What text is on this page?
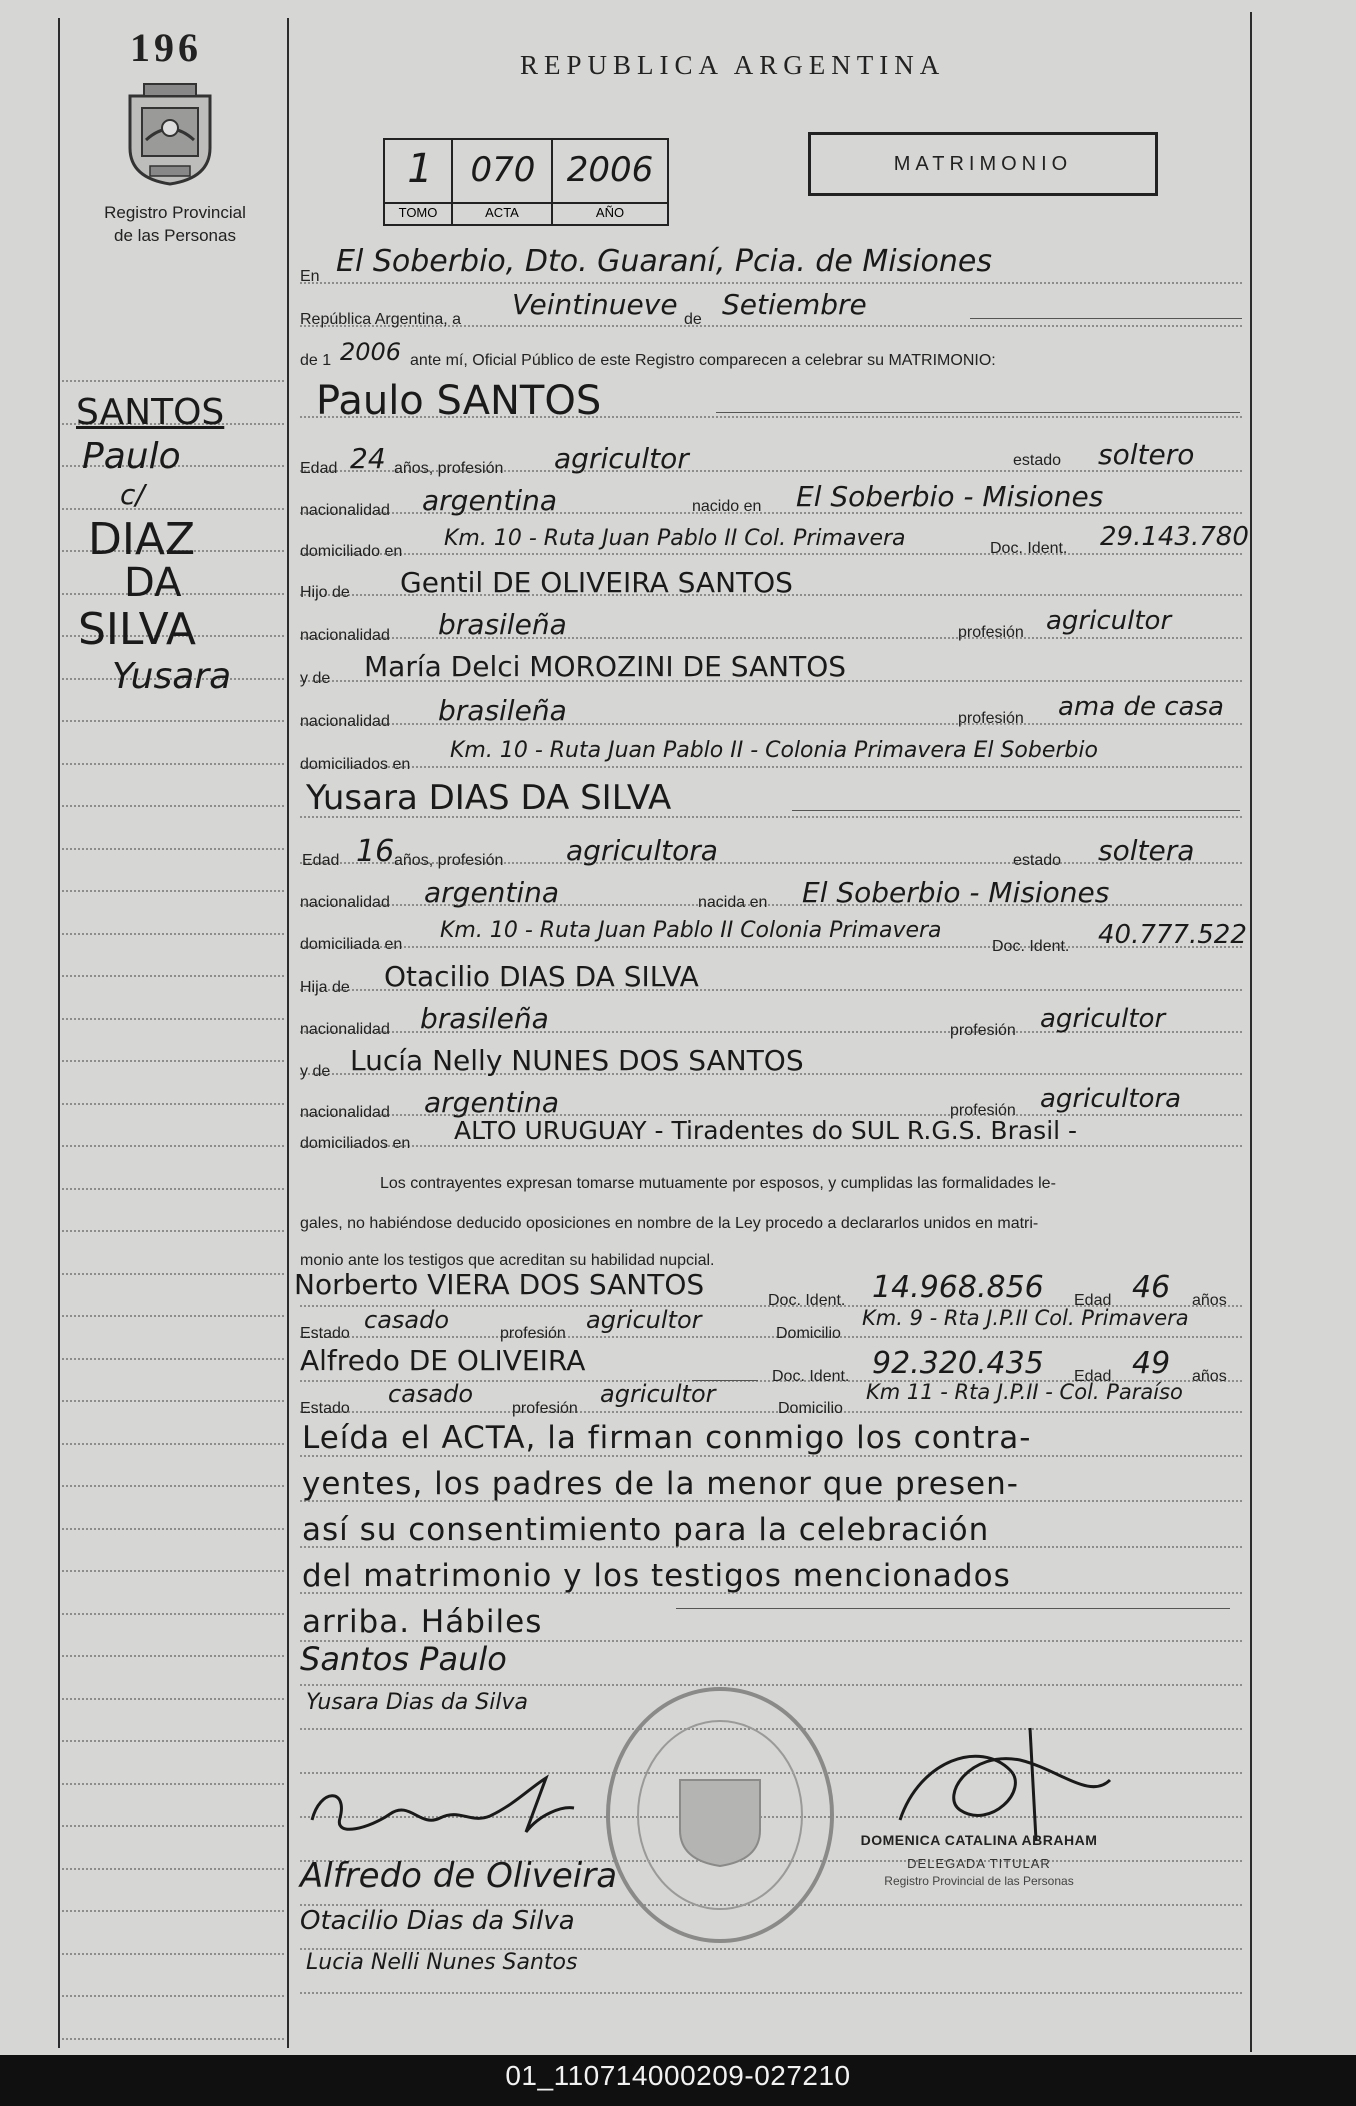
196
Registro Provincial
de las Personas
REPUBLICA ARGENTINA
1	070 2006
TOMO	ACTA	AÑO
MATRIMONIO
SANTOS
Paulo
c/
DIAZ
DA
SILVA
Yusara
En El Soberbio, Dto. Guaraní, Pcia. de Misiones
República Argentina, a Veintinueve de Setiembre
de 1 2006 ante mí, Oficial Público de este Registro comparecen a celebrar su MATRIMONIO:
Paulo SANTOS
Edad 24 años, profesión agricultor	estado soltero
nacionalidad argentina	nacido en El Soberbio - Misiones
domiciliado en
Km. 10 - Ruta Juan Pablo II Col. Primavera	Doc. Ident. 29.143.780
Hijo de Gentil DE OLIVEIRA SANTOS
nacionalidad brasileña	profesión agricultor
y de María Delci MOROZINI DE SANTOS
nacionalidad brasileña	profesión ama de casa
domiciliados en
Km. 10 - Ruta Juan Pablo II - Colonia Primavera El Soberbio
Yusara DIAS DA SILVA
Edad 16 años, profesión agricultora	estado soltera
nacionalidad argentina	nacida en El Soberbio - Misiones
domiciliada en
Km. 10 - Ruta Juan Pablo II Colonia Primavera
Doc. Ident. 40.777.522
Hija de Otacilio DIAS DA SILVA
nacionalidad brasileña	profesión agricultor
y de Lucía Nelly NUNES DOS SANTOS
nacionalidad argentina	profesión agricultora
domiciliados en ALTO URUGUAY - Tiradentes do SUL R.G.S. Brasil -
Los contrayentes expresan tomarse mutuamente por esposos, y cumplidas las formalidades le-
gales, no habiéndose deducido oposiciones en nombre de la Ley procedo a declararlos unidos en matri-
monio ante los testigos que acreditan su habilidad nupcial.
Norberto VIERA DOS SANTOS	Doc. Ident. 14.968.856 Edad 46 años
Estado casado	profesión agricultor	Domicilio
Km. 9 - Rta J.P.II Col. Primavera
Alfredo DE OLIVEIRA	Doc. Ident. 92.320.435 Edad 49 años
Estado
casado
profesión
agricultor
Domicilio
Km 11 - Rta J.P.II - Col. Paraíso
Leída el ACTA, la firman conmigo los contra-
yentes, los padres de la menor que presen-
así su consentimiento para la celebración
del matrimonio y los testigos mencionados
arriba. Hábiles
Santos Paulo
Yusara Dias da Silva
Alfredo de Oliveira
Otacilio Dias da Silva
Lucia Nelli Nunes Santos
DOMENICA CATALINA ABRAHAM
DELEGADA TITULAR
Registro Provincial de las Personas
01_110714000209-027210
